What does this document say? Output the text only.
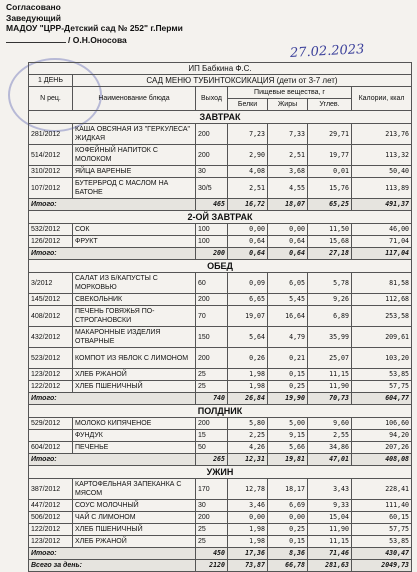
Согласовано
Заведующий
МАДОУ "ЦРР-Детский сад № 252" г.Перми
/ О.Н.Оносова
27.02.2023
ИП Бабкина Ф.С.						
1 ДЕНЬ	САД МЕНЮ ТУБИНТОКСИКАЦИЯ (дети от 3-7 лет)					
N рец.	Наименование блюда	Выход	Пищевые вещества, г			Калории, ккал
			Белки	Жиры	Углев.	
ЗАВТРАК						
281/2012	КАША ОВСЯНАЯ ИЗ "ГЕРКУЛЕСА" ЖИДКАЯ	200	7,23	7,33	29,71	213,76
514/2012	КОФЕЙНЫЙ НАПИТОК С МОЛОКОМ	200	2,90	2,51	19,77	113,32
310/2012	ЯЙЦА ВАРЕНЫЕ	30	4,08	3,68	0,01	50,40
107/2012	БУТЕРБРОД С МАСЛОМ НА БАТОНЕ	30/5	2,51	4,55	15,76	113,89
Итого:		465	16,72	18,07	65,25	491,37
2-ОЙ ЗАВТРАК						
532/2012	СОК	100	0,00	0,00	11,50	46,00
126/2012	ФРУКТ	100	0,64	0,64	15,68	71,04
Итого:		200	0,64	0,64	27,18	117,04
ОБЕД						
3/2012	САЛАТ ИЗ Б/КАПУСТЫ С МОРКОВЬЮ	60	0,09	6,05	5,78	81,58
145/2012	СВЕКОЛЬНИК	200	6,65	5,45	9,26	112,68
408/2012	ПЕЧЕНЬ ГОВЯЖЬЯ ПО-СТРОГАНОВСКИ	70	19,07	16,64	6,89	253,58
432/2012	МАКАРОННЫЕ ИЗДЕЛИЯ ОТВАРНЫЕ	150	5,64	4,79	35,99	209,61
523/2012	КОМПОТ ИЗ ЯБЛОК С ЛИМОНОМ	200	0,26	0,21	25,07	103,20
123/2012	ХЛЕБ РЖАНОЙ	25	1,98	0,15	11,15	53,85
122/2012	ХЛЕБ ПШЕНИЧНЫЙ	25	1,98	0,25	11,90	57,75
Итого:		740	26,84	19,90	70,73	604,77
ПОЛДНИК						
529/2012	МОЛОКО КИПЯЧЕНОЕ	200	5,80	5,00	9,60	106,60
	ФУНДУК	15	2,25	9,15	2,55	94,20
604/2012	ПЕЧЕНЬЕ	50	4,26	5,66	34,86	207,26
Итого:		265	12,31	19,81	47,01	408,08
УЖИН						
387/2012	КАРТОФЕЛЬНАЯ ЗАПЕКАНКА С МЯСОМ	170	12,78	18,17	3,43	228,41
447/2012	СОУС МОЛОЧНЫЙ	30	3,46	6,69	9,33	111,40
506/2012	ЧАЙ С ЛИМОНОМ	200	0,00	0,00	15,04	60,15
122/2012	ХЛЕБ ПШЕНИЧНЫЙ	25	1,98	0,25	11,90	57,75
123/2012	ХЛЕБ РЖАНОЙ	25	1,98	0,15	11,15	53,85
Итого:		450	17,36	8,36	71,46	430,47
Всего за день:		2120	73,87	66,78	281,63	2049,73
